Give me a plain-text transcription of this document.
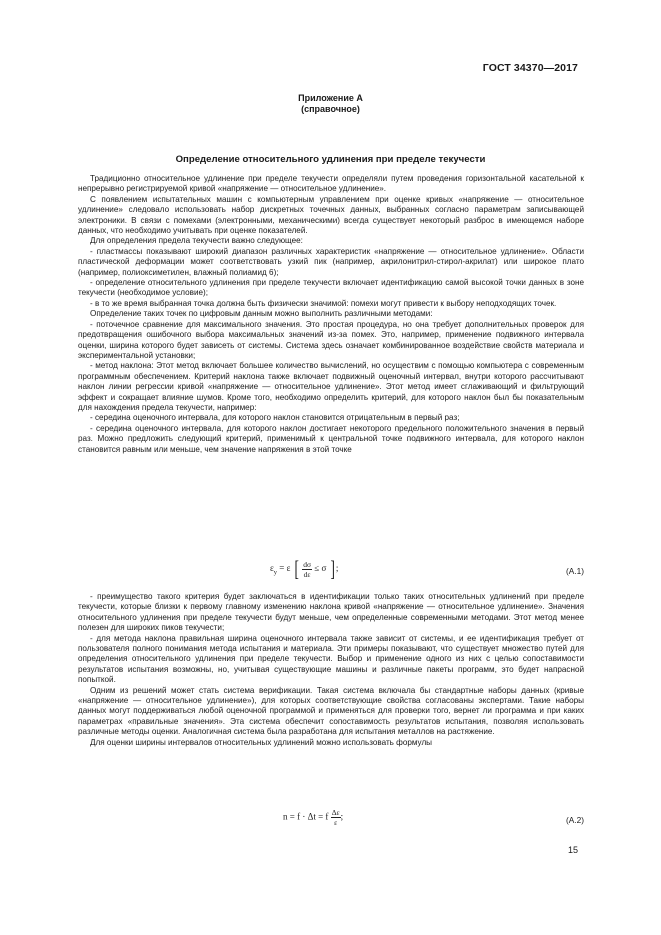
ГОСТ 34370—2017
Приложение А
(справочное)
Определение относительного удлинения при пределе текучести

Традиционно относительное удлинение при пределе текучести определяли путем проведения горизонтальной касательной к непрерывно регистрируемой кривой «напряжение — относительное удлинение».

С появлением испытательных машин с компьютерным управлением при оценке кривых «напряжение — относительное удлинение» следовало использовать набор дискретных точечных данных, выбранных согласно параметрам записывающей электроники. В связи с помехами (электронными, механическими) всегда существует некоторый разброс в имеющемся наборе данных, что необходимо учитывать при оценке показателей.

Для определения предела текучести важно следующее:

- пластмассы показывают широкий диапазон различных характеристик «напряжение — относительное удлинение». Области пластической деформации может соответствовать узкий пик (например, акрилонитрил-стирол-акрилат) или широкое плато (например, полиоксиметилен, влажный полиамид 6);

- определение относительного удлинения при пределе текучести включает идентификацию самой высокой точки данных в зоне текучести (необходимое условие);

- в то же время выбранная точка должна быть физически значимой: помехи могут привести к выбору неподходящих точек.

Определение таких точек по цифровым данным можно выполнить различными методами:

- поточечное сравнение для максимального значения. Это простая процедура, но она требует дополнительных проверок для предотвращения ошибочного выбора максимальных значений из-за помех. Это, например, применение подвижного интервала оценки, ширина которого будет зависеть от системы. Система здесь означает комбинированное воздействие свойств материала и экспериментальной установки;

- метод наклона: Этот метод включает большее количество вычислений, но осуществим с помощью компьютера с современным программным обеспечением. Критерий наклона также включает подвижный оценочный интервал, внутри которого рассчитывают наклон линии регрессии кривой «напряжение — относительное удлинение». Этот метод имеет сглаживающий и фильтрующий эффект и сокращает влияние шумов. Кроме того, необходимо определить критерий, для которого наклон был бы показательным для нахождения предела текучести, например:

- середина оценочного интервала, для которого наклон становится отрицательным в первый раз;

- середина оценочного интервала, для которого наклон достигает некоторого предельного положительного значения в первый раз. Можно предложить следующий критерий, применимый к центральной точке подвижного интервала, для которого наклон становится равным или меньше, чем значение напряжения в этой точке

$\varepsilon_y = \varepsilon$ [ $\frac{d\sigma}{d\varepsilon} \le \sigma$ ];	(А.1)

- преимущество такого критерия будет заключаться в идентификации только таких относительных удлинений при пределе текучести, которые близки к первому главному изменению наклона кривой «напряжение — относительное удлинение». Значения относительного удлинения при пределе текучести будут меньше, чем определенные современными методами. Этот метод менее полезен для широких пиков текучести;

- для метода наклона правильная ширина оценочного интервала также зависит от системы, и ее идентификация требует от пользователя полного понимания метода испытания и материала. Эти примеры показывают, что существует множество путей для определения относительного удлинения при пределе текучести. Выбор и применение одного из них с целью сопоставимости результатов испытания возможны, но, учитывая существующие машины и различные пакеты программ, это будет напрасной попыткой.

Одним из решений может стать система верификации. Такая система включала бы стандартные наборы данных (кривые «напряжение — относительное удлинение»), для которых соответствующие свойства согласованы экспертами. Такие наборы данных могут поддерживаться любой оценочной программой и применяться для проверки того, вернет ли программа и при каких параметрах «правильные значения». Эта система обеспечит сопоставимость результатов испытания, позволяя использовать различные методы оценки. Аналогичная система была разработана для испытания металлов на растяжение.

Для оценки ширины интервалов относительных удлинений можно использовать формулы

n = f · Δt = f $\frac{\Delta\varepsilon}{\varepsilon}$ ;	(А.2)
15
